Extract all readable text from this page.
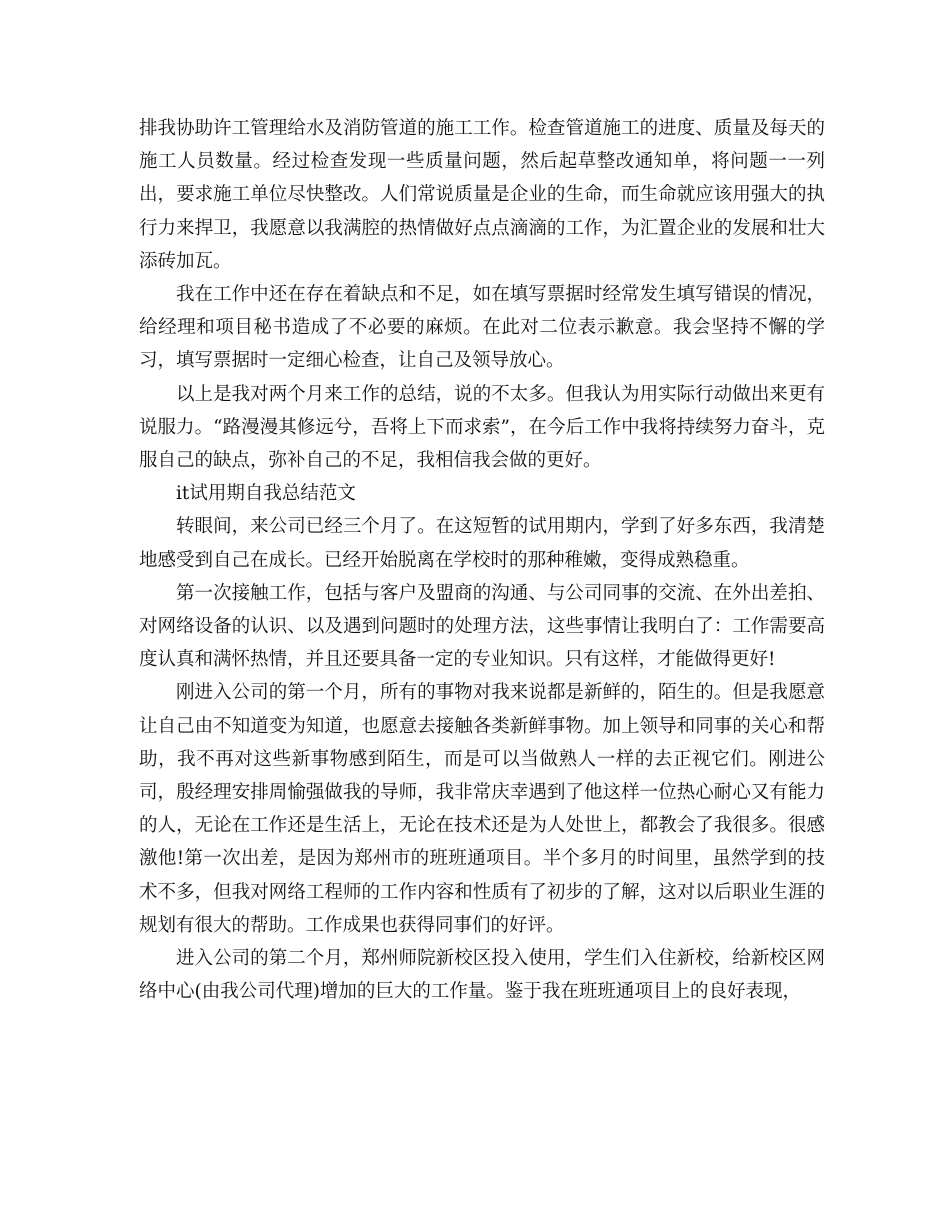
排我协助许工管理给水及消防管道的施工工作。检查管道施工的进度、质量及每天的施工人员数量。经过检查发现一些质量问题，然后起草整改通知单，将问题一一列出，要求施工单位尽快整改。人们常说质量是企业的生命，而生命就应该用强大的执行力来捍卫，我愿意以我满腔的热情做好点点滴滴的工作，为汇置企业的发展和壮大添砖加瓦。

我在工作中还在存在着缺点和不足，如在填写票据时经常发生填写错误的情况，给经理和项目秘书造成了不必要的麻烦。在此对二位表示歉意。我会坚持不懈的学习，填写票据时一定细心检查，让自己及领导放心。

以上是我对两个月来工作的总结，说的不太多。但我认为用实际行动做出来更有说服力。“路漫漫其修远兮，吾将上下而求索”，在今后工作中我将持续努力奋斗，克服自己的缺点，弥补自己的不足，我相信我会做的更好。

it试用期自我总结范文

转眼间，来公司已经三个月了。在这短暂的试用期内，学到了好多东西，我清楚地感受到自己在成长。已经开始脱离在学校时的那种稚嫩，变得成熟稳重。

第一次接触工作，包括与客户及盟商的沟通、与公司同事的交流、在外出差㧮、对网络设备的认识、以及遇到问题时的处理方法，这些事情让我明白了：工作需要高度认真和满怀热情，并且还要具备一定的专业知识。只有这样，才能做得更好!

刚进入公司的第一个月，所有的事物对我来说都是新鲜的，陌生的。但是我愿意让自己由不知道变为知道，也愿意去接触各类新鲜事物。加上领导和同事的关心和帮助，我不再对这些新事物感到陌生，而是可以当做熟人一样的去正视它们。刚进公司，殷经理安排周愉强做我的导师，我非常庆幸遇到了他这样一位热心耐心又有能力的人，无论在工作还是生活上，无论在技术还是为人处世上，都教会了我很多。很感激他!第一次出差，是因为郑州市的班班通项目。半个多月的时间里，虽然学到的技术不多，但我对网络工程师的工作内容和性质有了初步的了解，这对以后职业生涯的规划有很大的帮助。工作成果也获得同事们的好评。

进入公司的第二个月，郑州师院新校区投入使用，学生们入住新校，给新校区网络中心(由我公司代理)增加的巨大的工作量。鉴于我在班班通项目上的良好表现，
